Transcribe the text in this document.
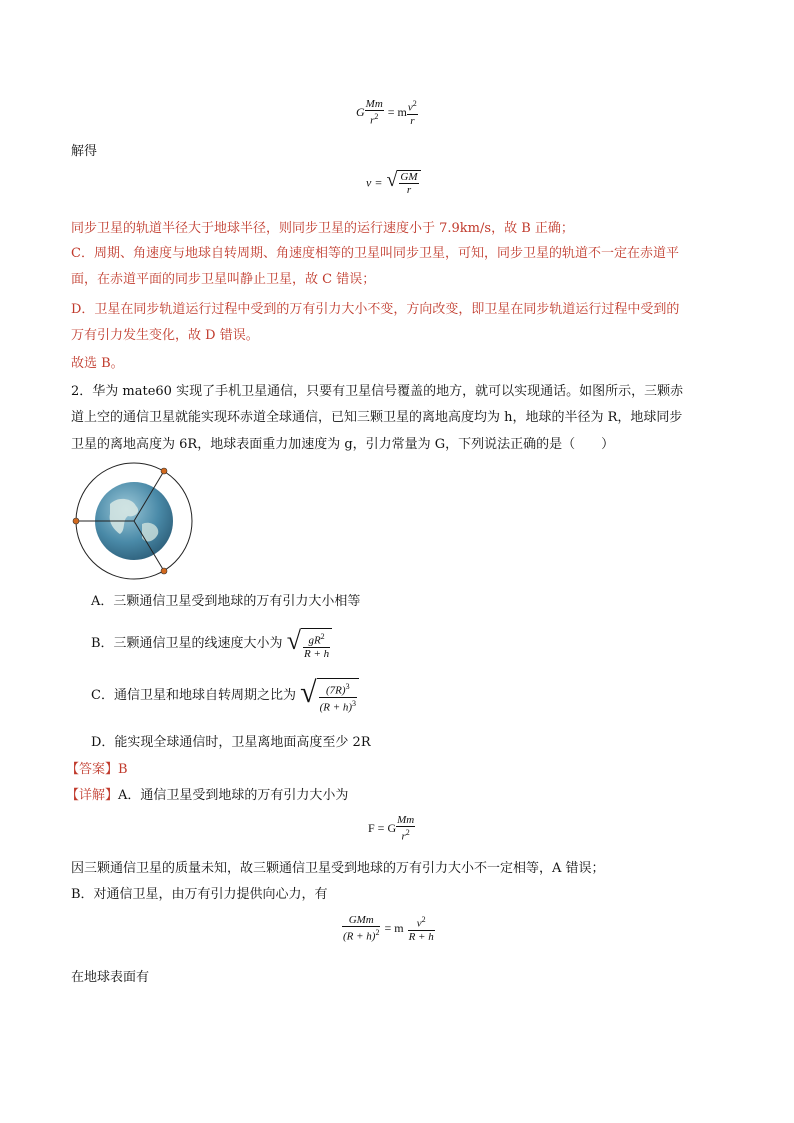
G $\frac{Mm}{r^2} = m \frac{v^2}{r}$
解得
v = √ $\frac{GM}{r}$
同步卫星的轨道半径大于地球半径，则同步卫星的运行速度小于 7.9km/s，故 B 正确；
C．周期、角速度与地球自转周期、角速度相等的卫星叫同步卫星，可知，同步卫星的轨道不一定在赤道平
面，在赤道平面的同步卫星叫静止卫星，故 C 错误；
D．卫星在同步轨道运行过程中受到的万有引力大小不变，方向改变，即卫星在同步轨道运行过程中受到的
万有引力发生变化，故 D 错误。
故选 B。
2．华为 mate60 实现了手机卫星通信，只要有卫星信号覆盖的地方，就可以实现通话。如图所示，三颗赤
道上空的通信卫星就能实现环赤道全球通信，已知三颗卫星的离地高度均为 h，地球的半径为 R，地球同步
卫星的离地高度为 6R，地球表面重力加速度为 g，引力常量为 G，下列说法正确的是（　　）
A．三颗通信卫星受到地球的万有引力大小相等
B．三颗通信卫星的线速度大小为 √ $\frac{gR^2}{R + h}$
C．通信卫星和地球自转周期之比为 √ $\frac{(7R)^3}{(R + h)^3}$
D．能实现全球通信时，卫星离地面高度至少 2R
【答案】B
【详解】A．通信卫星受到地球的万有引力大小为
F = G $\frac{Mm}{r^2}$
因三颗通信卫星的质量未知，故三颗通信卫星受到地球的万有引力大小不一定相等，A 错误；
B．对通信卫星，由万有引力提供向心力，有
$\frac{\text{GMm}}{(R + h)^2} = m \frac{v^2}{R + h}$
在地球表面有
